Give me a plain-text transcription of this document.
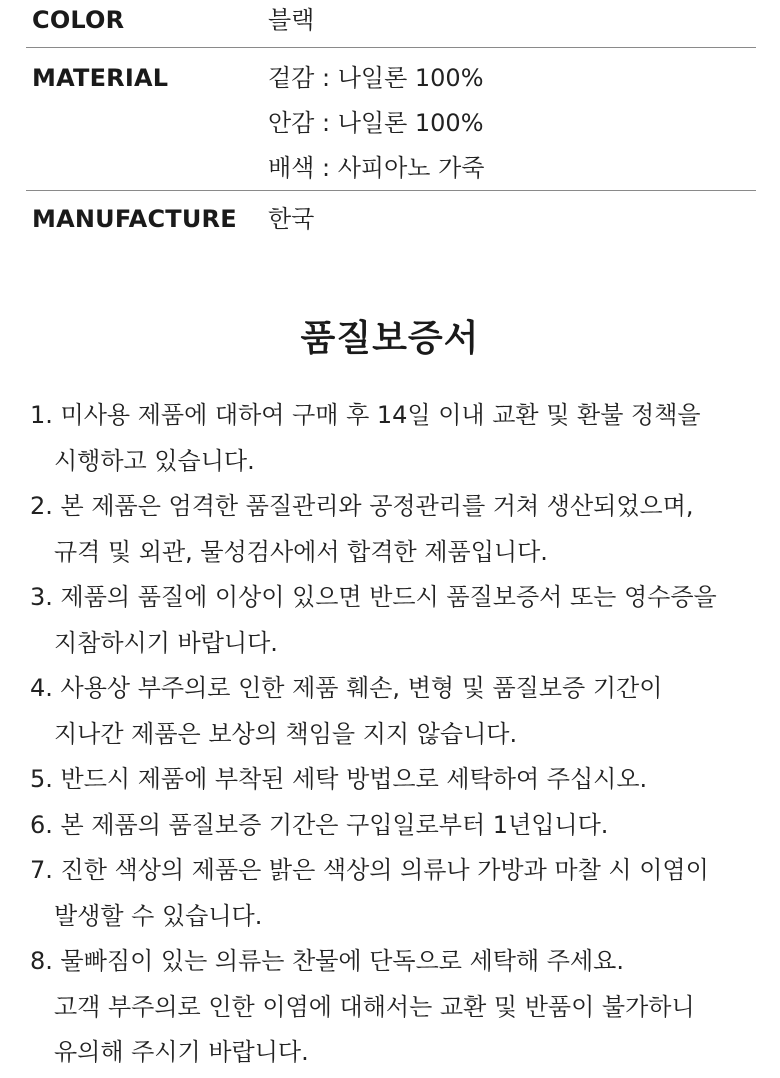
COLOR	블랙
MATERIAL	겉감 : 나일론 100%
안감 : 나일론 100%
배색 : 사피아노 가죽
MANUFACTURE	한국
품질보증서
1. 미사용 제품에 대하여 구매 후 14일 이내 교환 및 환불 정책을
시행하고 있습니다.
2. 본 제품은 엄격한 품질관리와 공정관리를 거쳐 생산되었으며,
규격 및 외관, 물성검사에서 합격한 제품입니다.
3. 제품의 품질에 이상이 있으면 반드시 품질보증서 또는 영수증을
지참하시기 바랍니다.
4. 사용상 부주의로 인한 제품 훼손, 변형 및 품질보증 기간이
지나간 제품은 보상의 책임을 지지 않습니다.
5. 반드시 제품에 부착된 세탁 방법으로 세탁하여 주십시오.
6. 본 제품의 품질보증 기간은 구입일로부터 1년입니다.
7. 진한 색상의 제품은 밝은 색상의 의류나 가방과 마찰 시 이염이
발생할 수 있습니다.
8. 물빠짐이 있는 의류는 찬물에 단독으로 세탁해 주세요.
고객 부주의로 인한 이염에 대해서는 교환 및 반품이 불가하니
유의해 주시기 바랍니다.
